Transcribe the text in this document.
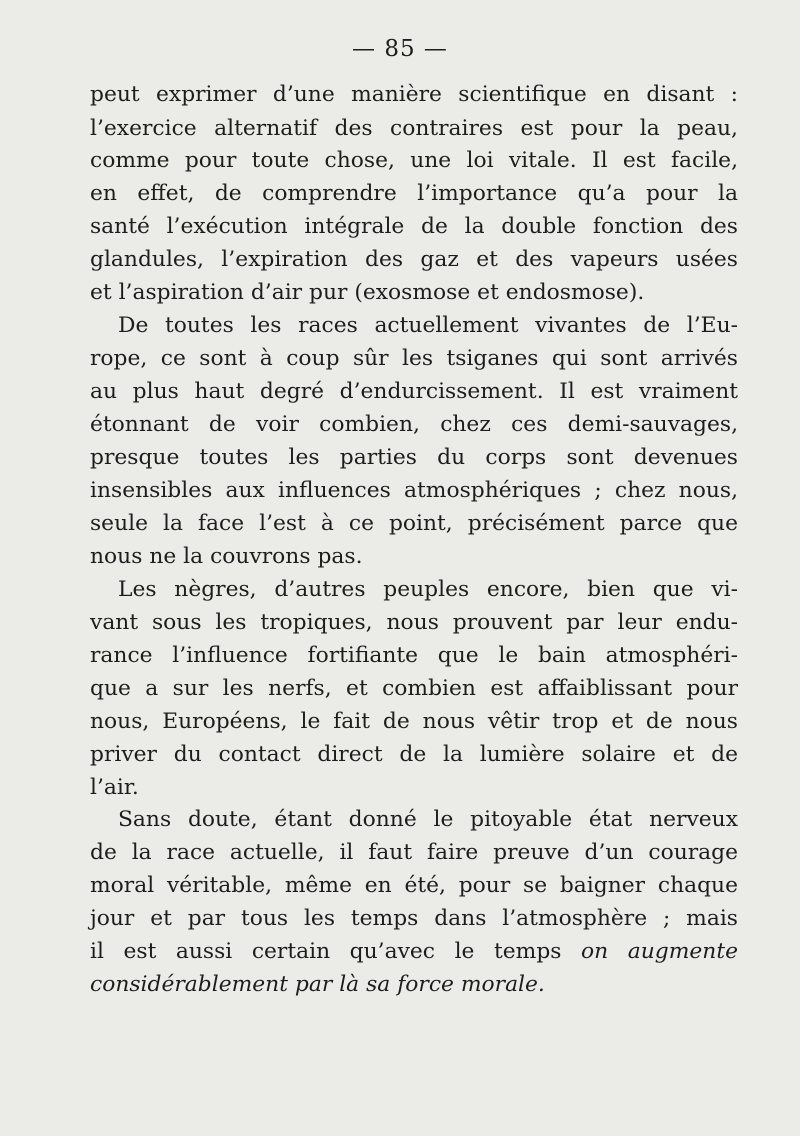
— 85 —
peut exprimer d’une manière scientifique en disant :
l’exercice alternatif des contraires est pour la peau,
comme pour toute chose, une loi vitale. Il est facile,
en effet, de comprendre l’importance qu’a pour la
santé l’exécution intégrale de la double fonction des
glandules, l’expiration des gaz et des vapeurs usées
et l’aspiration d’air pur (exosmose et endosmose).
De toutes les races actuellement vivantes de l’Eu-
rope, ce sont à coup sûr les tsiganes qui sont arrivés
au plus haut degré d’endurcissement. Il est vraiment
étonnant de voir combien, chez ces demi-sauvages,
presque toutes les parties du corps sont devenues
insensibles aux influences atmosphériques ; chez nous,
seule la face l’est à ce point, précisément parce que
nous ne la couvrons pas.
Les nègres, d’autres peuples encore, bien que vi-
vant sous les tropiques, nous prouvent par leur endu-
rance l’influence fortifiante que le bain atmosphéri-
que a sur les nerfs, et combien est affaiblissant pour
nous, Européens, le fait de nous vêtir trop et de nous
priver du contact direct de la lumière solaire et de
l’air.
Sans doute, étant donné le pitoyable état nerveux
de la race actuelle, il faut faire preuve d’un courage
moral véritable, même en été, pour se baigner chaque
jour et par tous les temps dans l’atmosphère ; mais
il est aussi certain qu’avec le temps on augmente
considérablement par là sa force morale.
